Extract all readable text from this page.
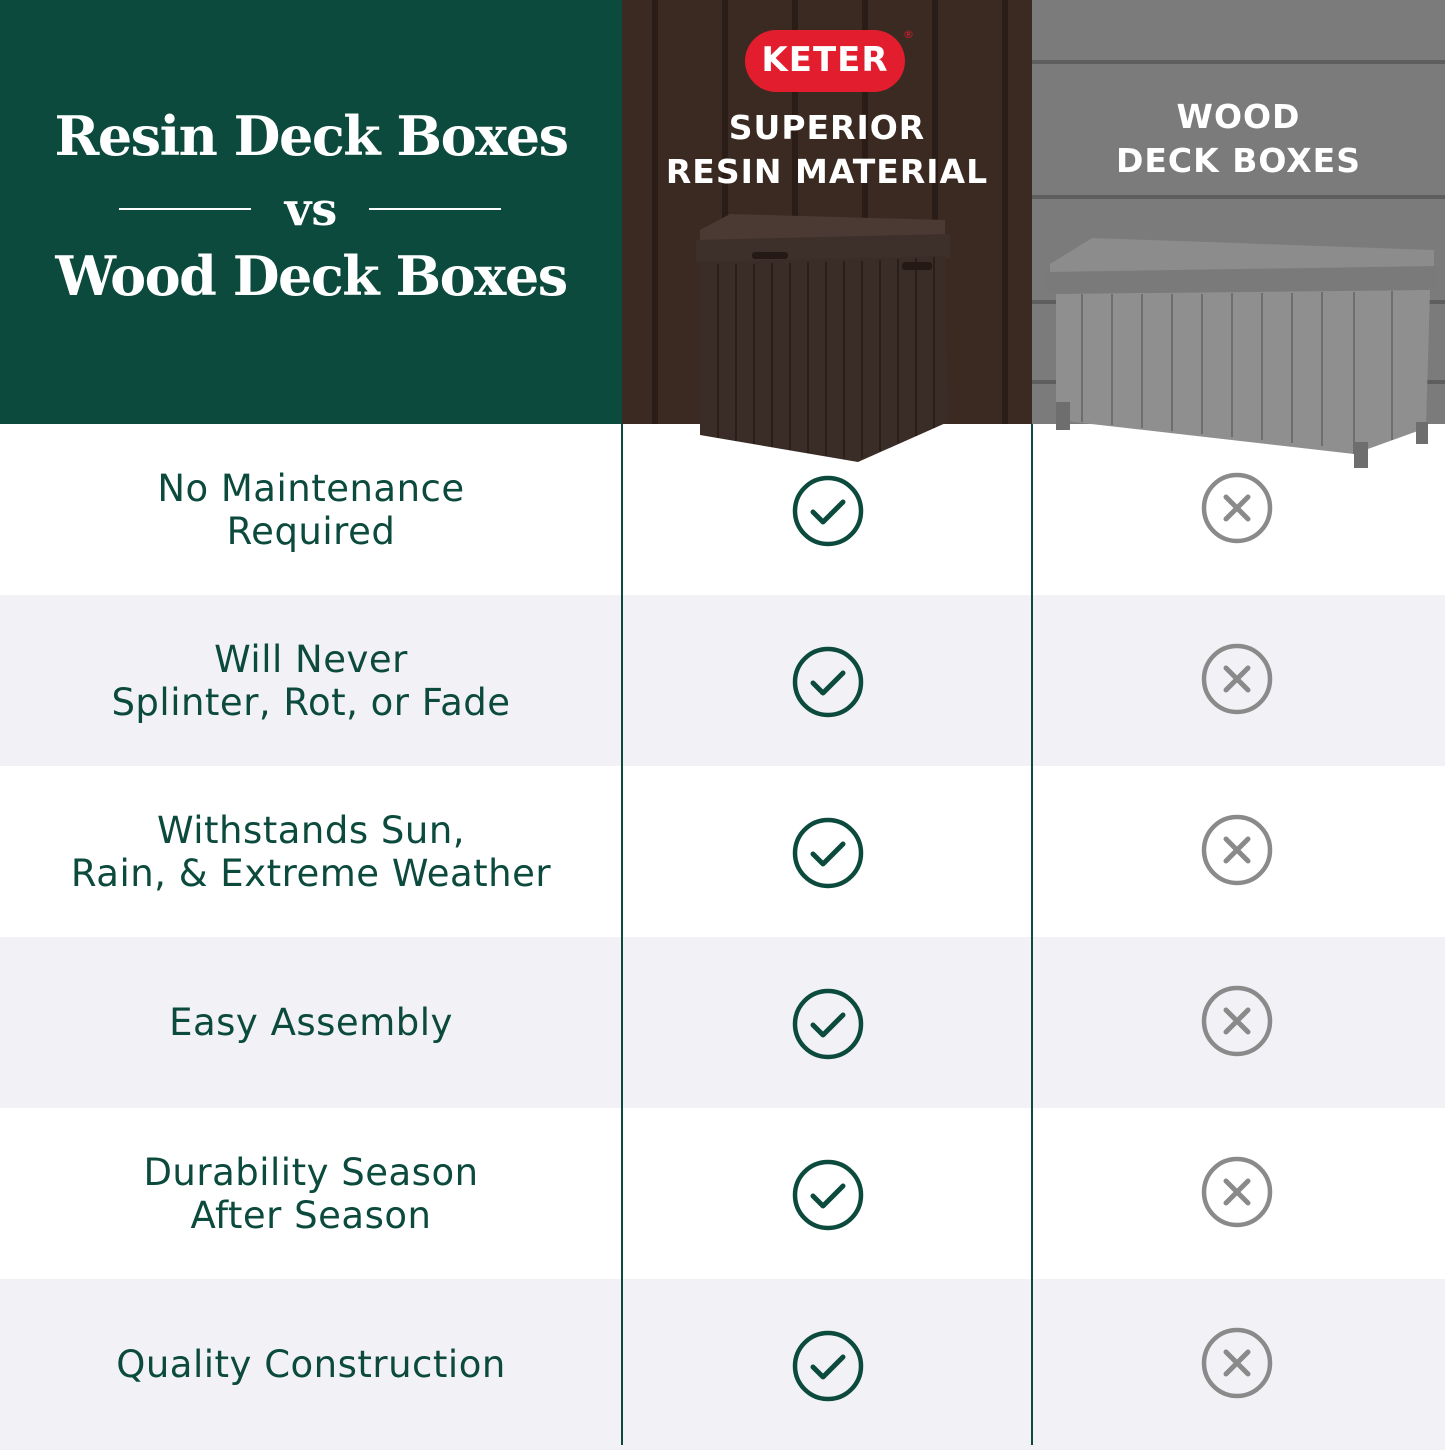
Resin Deck Boxes
vs
Wood Deck Boxes
KETER
®
SUPERIOR
RESIN MATERIAL
WOOD
DECK BOXES
No Maintenance
Required
Will Never
Splinter, Rot, or Fade
Withstands Sun,
Rain, & Extreme Weather
Easy Assembly
Durability Season
After Season
Quality Construction
